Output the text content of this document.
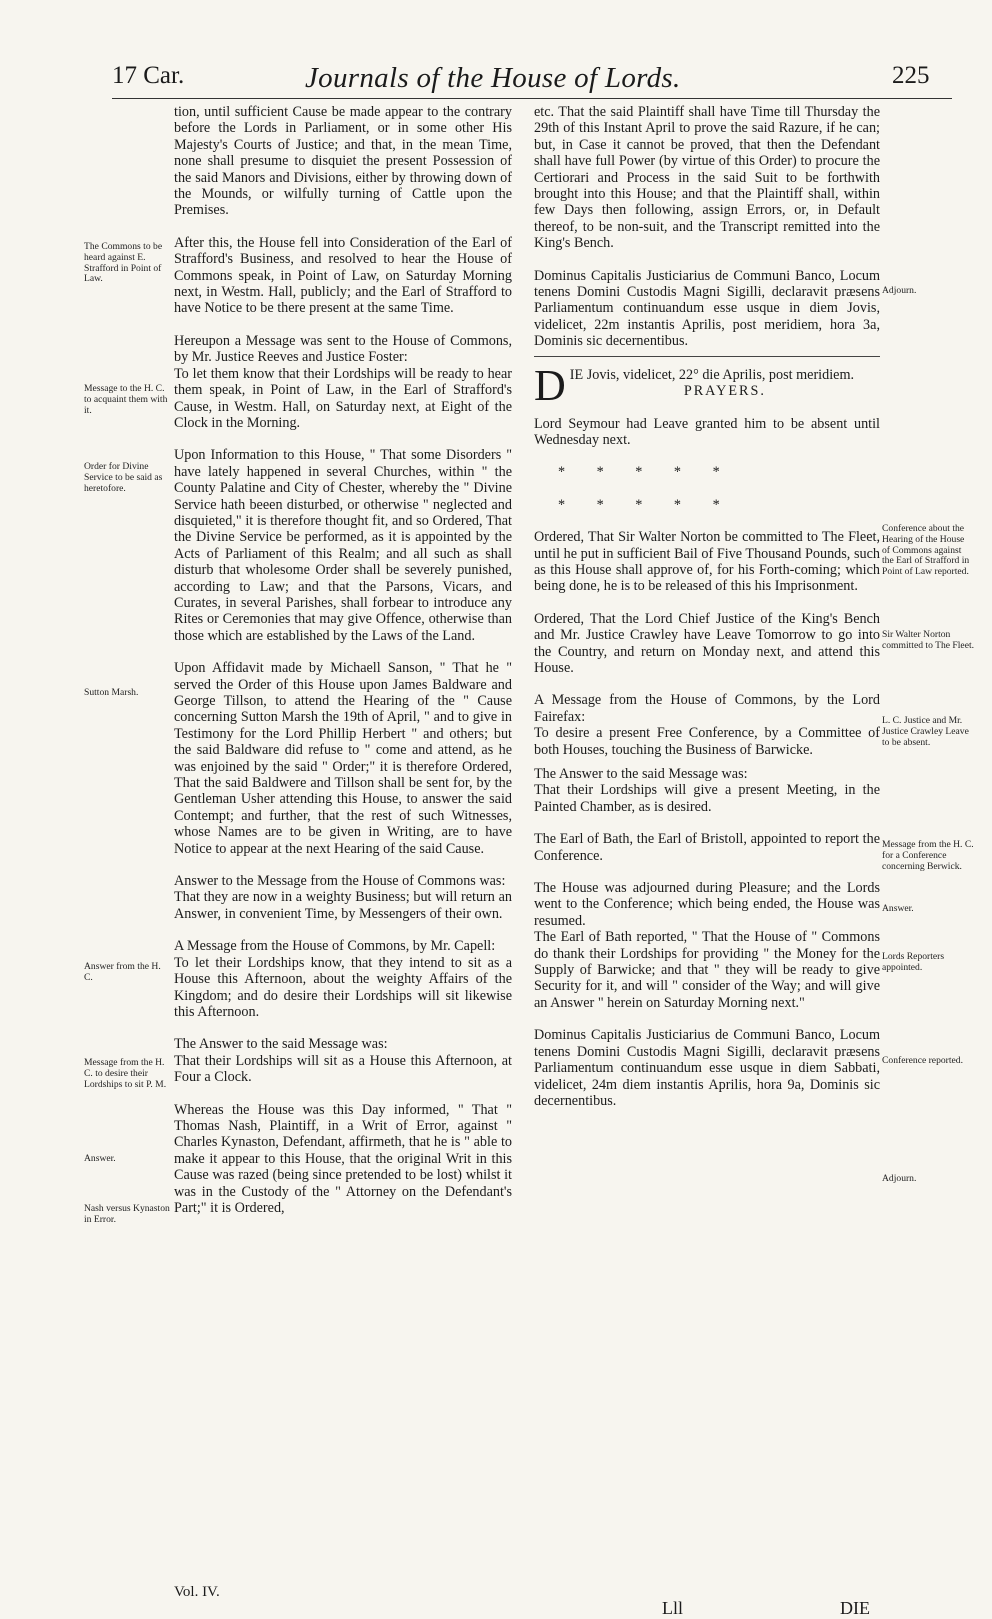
17 Car.	Journals of the House of Lords.	225

tion, until sufficient Cause be made appear to the contrary before the Lords in Parliament, or in some other His Majesty's Courts of Justice; and that, in the mean Time, none shall presume to disquiet the present Possession of the said Manors and Divisions, either by throwing down of the Mounds, or wilfully turning of Cattle upon the Premises.

After this, the House fell into Consideration of the Earl of Strafford's Business, and resolved to hear the House of Commons speak, in Point of Law, on Saturday Morning next, in Westm. Hall, publicly; and the Earl of Strafford to have Notice to be there present at the same Time.

Hereupon a Message was sent to the House of Commons, by Mr. Justice Reeves and Justice Foster:

To let them know that their Lordships will be ready to hear them speak, in Point of Law, in the Earl of Strafford's Cause, in Westm. Hall, on Saturday next, at Eight of the Clock in the Morning.

Upon Information to this House, " That some Disorders " have lately happened in several Churches, within " the County Palatine and City of Chester, whereby the " Divine Service hath beeen disturbed, or otherwise " neglected and disquieted," it is therefore thought fit, and so Ordered, That the Divine Service be performed, as it is appointed by the Acts of Parliament of this Realm; and all such as shall disturb that wholesome Order shall be severely punished, according to Law; and that the Parsons, Vicars, and Curates, in several Parishes, shall forbear to introduce any Rites or Ceremonies that may give Offence, otherwise than those which are established by the Laws of the Land.

Upon Affidavit made by Michaell Sanson, " That he " served the Order of this House upon James Baldware and George Tillson, to attend the Hearing of the " Cause concerning Sutton Marsh the 19th of April, " and to give in Testimony for the Lord Phillip Herbert " and others; but the said Baldware did refuse to " come and attend, as he was enjoined by the said " Order;" it is therefore Ordered, That the said Baldwere and Tillson shall be sent for, by the Gentleman Usher attending this House, to answer the said Contempt; and further, that the rest of such Witnesses, whose Names are to be given in Writing, are to have Notice to appear at the next Hearing of the said Cause.

Answer to the Message from the House of Commons was:

That they are now in a weighty Business; but will return an Answer, in convenient Time, by Messengers of their own.

A Message from the House of Commons, by Mr. Capell:

To let their Lordships know, that they intend to sit as a House this Afternoon, about the weighty Affairs of the Kingdom; and do desire their Lordships will sit likewise this Afternoon.

The Answer to the said Message was:

That their Lordships will sit as a House this Afternoon, at Four a Clock.

Whereas the House was this Day informed, " That " Thomas Nash, Plaintiff, in a Writ of Error, against " Charles Kynaston, Defendant, affirmeth, that he is " able to make it appear to this House, that the original Writ in this Cause was razed (being since pretended to be lost) whilst it was in the Custody of the " Attorney on the Defendant's Part;" it is Ordered,

The Commons to be heard against E. Strafford in Point of Law.
Message to the H. C. to acquaint them with it.
Order for Divine Service to be said as heretofore.
Sutton Marsh.
Answer from the H. C.
Message from the H. C. to desire their Lordships to sit P. M.
Answer.
Nash versus Kynaston in Error.

etc. That the said Plaintiff shall have Time till Thursday the 29th of this Instant April to prove the said Razure, if he can; but, in Case it cannot be proved, that then the Defendant shall have full Power (by virtue of this Order) to procure the Certiorari and Process in the said Suit to be forthwith brought into this House; and that the Plaintiff shall, within few Days then following, assign Errors, or, in Default thereof, to be non-suit, and the Transcript remitted into the King's Bench.

Dominus Capitalis Justiciarius de Communi Banco, Locum tenens Domini Custodis Magni Sigilli, declaravit præsens Parliamentum continuandum esse usque in diem Jovis, videlicet, 22m instantis Aprilis, post meridiem, hora 3a, Dominis sic decernentibus.

D IE Jovis, videlicet, 22° die Aprilis, post meridiem.

PRAYERS.

Lord Seymour had Leave granted him to be absent until Wednesday next.

* * * * *

* * * * *

Ordered, That Sir Walter Norton be committed to The Fleet, until he put in sufficient Bail of Five Thousand Pounds, such as this House shall approve of, for his Forth-coming; which being done, he is to be released of this his Imprisonment.

Ordered, That the Lord Chief Justice of the King's Bench and Mr. Justice Crawley have Leave Tomorrow to go into the Country, and return on Monday next, and attend this House.

A Message from the House of Commons, by the Lord Fairefax:

To desire a present Free Conference, by a Committee of both Houses, touching the Business of Barwicke.

The Answer to the said Message was:

That their Lordships will give a present Meeting, in the Painted Chamber, as is desired.

The Earl of Bath, the Earl of Bristoll, appointed to report the Conference.

The House was adjourned during Pleasure; and the Lords went to the Conference; which being ended, the House was resumed.

The Earl of Bath reported, " That the House of " Commons do thank their Lordships for providing " the Money for the Supply of Barwicke; and that " they will be ready to give Security for it, and will " consider of the Way; and will give an Answer " herein on Saturday Morning next."

Dominus Capitalis Justiciarius de Communi Banco, Locum tenens Domini Custodis Magni Sigilli, declaravit præsens Parliamentum continuandum esse usque in diem Sabbati, videlicet, 24m diem instantis Aprilis, hora 9a, Dominis sic decernentibus.

Adjourn.
Conference about the Hearing of the House of Commons against the Earl of Strafford in Point of Law reported.
Sir Walter Norton committed to The Fleet.
L. C. Justice and Mr. Justice Crawley Leave to be absent.
Message from the H. C. for a Conference concerning Berwick.
Answer.
Lords Reporters appointed.
Conference reported.
Adjourn.
Vol. IV.
Lll	DIE
